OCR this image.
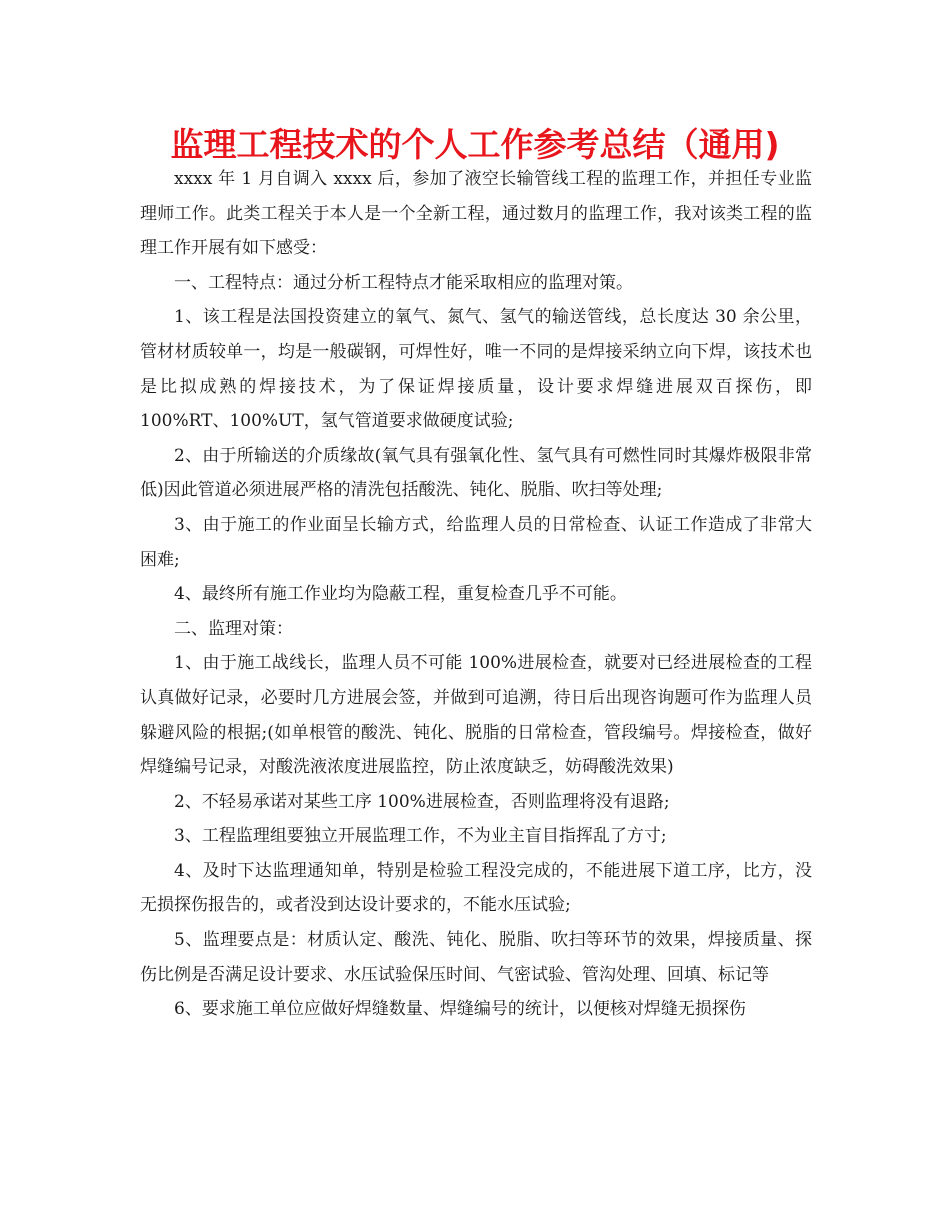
监理工程技术的个人工作参考总结（通用)

xxxx 年 1 月自调入 xxxx 后，参加了液空长输管线工程的监理工作，并担任专业监理师工作。此类工程关于本人是一个全新工程，通过数月的监理工作，我对该类工程的监理工作开展有如下感受：

一、工程特点：通过分析工程特点才能采取相应的监理对策。

1、该工程是法国投资建立的氧气、氮气、氢气的输送管线，总长度达 30 余公里，管材材质较单一，均是一般碳钢，可焊性好，唯一不同的是焊接采纳立向下焊，该技术也是比拟成熟的焊接技术，为了保证焊接质量，设计要求焊缝进展双百探伤，即 100%RT、100%UT，氢气管道要求做硬度试验;

2、由于所输送的介质缘故(氧气具有强氧化性、氢气具有可燃性同时其爆炸极限非常低)因此管道必须进展严格的清洗包括酸洗、钝化、脱脂、吹扫等处理;

3、由于施工的作业面呈长输方式，给监理人员的日常检查、认证工作造成了非常大困难;

4、最终所有施工作业均为隐蔽工程，重复检查几乎不可能。

二、监理对策：

1、由于施工战线长，监理人员不可能 100%进展检查，就要对已经进展检查的工程认真做好记录，必要时几方进展会签，并做到可追溯，待日后出现咨询题可作为监理人员躲避风险的根据;(如单根管的酸洗、钝化、脱脂的日常检查，管段编号。焊接检查，做好焊缝编号记录，对酸洗液浓度进展监控，防止浓度缺乏，妨碍酸洗效果)

2、不轻易承诺对某些工序 100%进展检查，否则监理将没有退路;

3、工程监理组要独立开展监理工作，不为业主盲目指挥乱了方寸;

4、及时下达监理通知单，特别是检验工程没完成的，不能进展下道工序，比方，没无损探伤报告的，或者没到达设计要求的，不能水压试验;

5、监理要点是：材质认定、酸洗、钝化、脱脂、吹扫等环节的效果，焊接质量、探伤比例是否满足设计要求、水压试验保压时间、气密试验、管沟处理、回填、标记等

6、要求施工单位应做好焊缝数量、焊缝编号的统计，以便核对焊缝无损探伤
